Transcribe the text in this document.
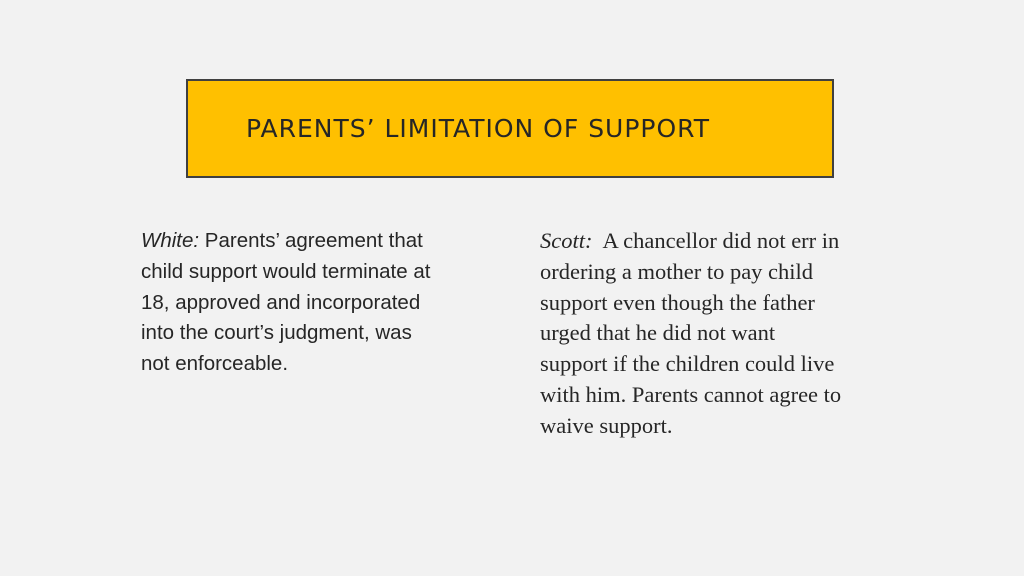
PARENTS’ LIMITATION OF SUPPORT
White: Parents’ agreement that
child support would terminate at
18, approved and incorporated
into the court’s judgment, was
not enforceable.
Scott:  A chancellor did not err in
ordering a mother to pay child
support even though the father
urged that he did not want
support if the children could live
with him. Parents cannot agree to
waive support.
